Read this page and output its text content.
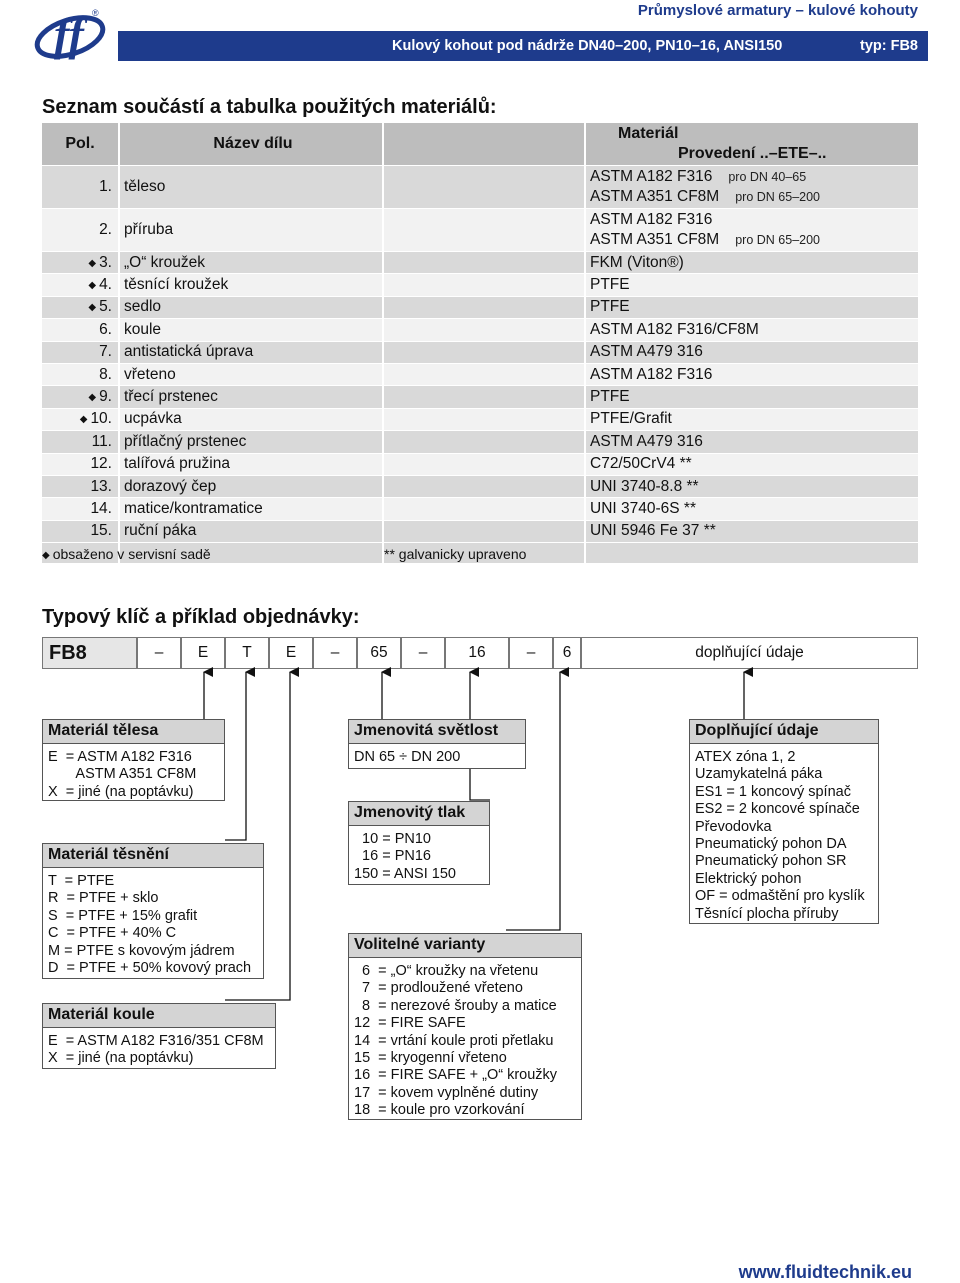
ff ®	Průmyslové armatury – kulové kohouty
Kulový kohout pod nádrže DN40–200, PN10–16, ANSI150	typ: FB8
Seznam součástí a tabulka použitých materiálů:
Pol.	Název dílu		Materiál
Provedení ..–ETE–..

1.	těleso		ASTM A182 F316 pro DN 40–65
ASTM A351 CF8M pro DN 65–200

2.	příruba		ASTM A182 F316
ASTM A351 CF8M pro DN 65–200

◆ 3.	„O“ kroužek		FKM (Viton®)

◆ 4.	těsnící kroužek		PTFE

◆ 5.	sedlo		PTFE

6.	koule		ASTM A182 F316/CF8M

7.	antistatická úprava		ASTM A479 316

8.	vřeteno		ASTM A182 F316

◆ 9.	třecí prstenec		PTFE

◆ 10.	ucpávka		PTFE/Grafit

11.	přítlačný prstenec		ASTM A479 316

12.	talířová pružina		C72/50CrV4 **

13.	dorazový čep		UNI 3740-8.8 **

14.	matice/kontramatice		UNI 3740-6S **

15.	ruční páka		UNI 5946 Fe 37 **

◆ obsaženo v servisní sadě	** galvanicky upraveno
Typový klíč a příklad objednávky:
FB8	–	E	T	E	–	65	–	16	–	6	doplňující údaje
Materiál tělesa
E  = ASTM A182 F316
ASTM A351 CF8M
X  = jiné (na poptávku)
Materiál těsnění
T  = PTFE
R  = PTFE + sklo
S  = PTFE + 15% grafit
C  = PTFE + 40% C
M = PTFE s kovovým jádrem
D  = PTFE + 50% kovový prach
Materiál koule
E  = ASTM A182 F316/351 CF8M
X  = jiné (na poptávku)
Jmenovitá světlost
DN 65 ÷ DN 200
Jmenovitý tlak
10 = PN10
16 = PN16
150 = ANSI 150
Volitelné varianty
6  = „O“ kroužky na vřetenu
7  = prodloužené vřeteno
8  = nerezové šrouby a matice
12  = FIRE SAFE
14  = vrtání koule proti přetlaku
15  = kryogenní vřeteno
16  = FIRE SAFE + „O“ kroužky
17  = kovem vyplněné dutiny
18  = koule pro vzorkování
Doplňující údaje
ATEX zóna 1, 2
Uzamykatelná páka
ES1 = 1 koncový spínač
ES2 = 2 koncové spínače
Převodovka
Pneumatický pohon DA
Pneumatický pohon SR
Elektrický pohon
OF = odmaštění pro kyslík
Těsnící plocha příruby
www.fluidtechnik.eu
